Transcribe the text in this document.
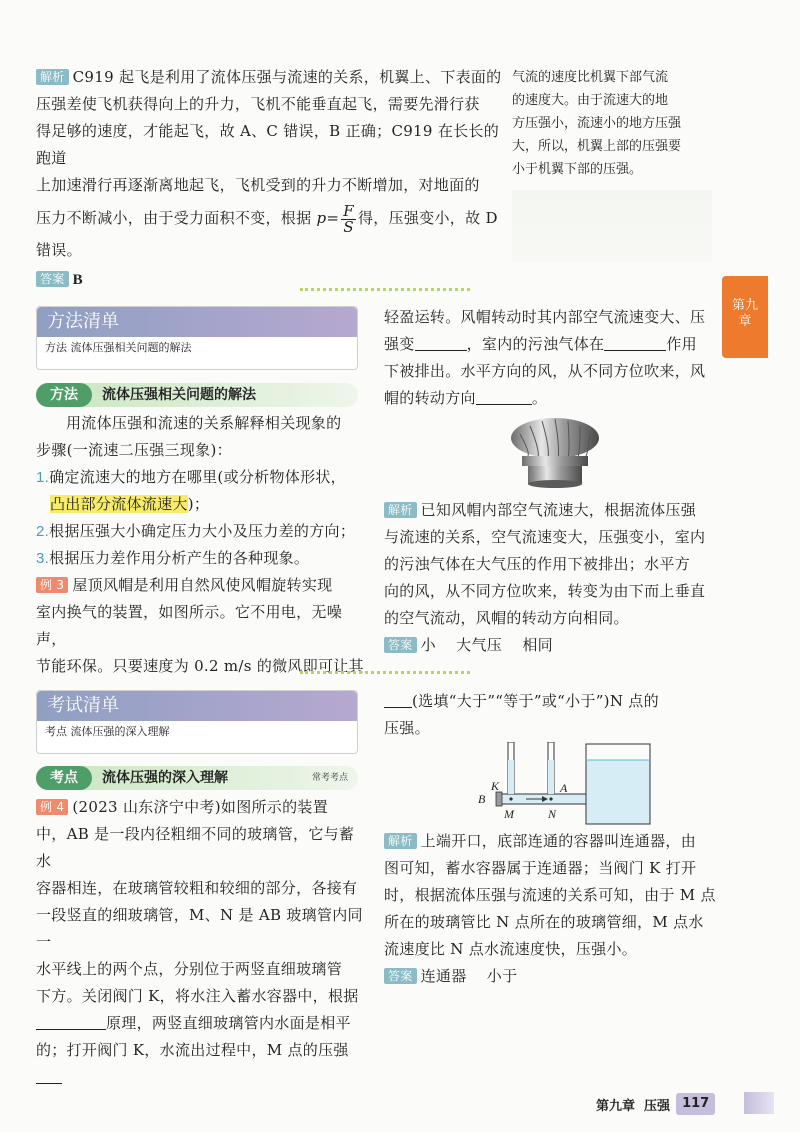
解析 C919 起飞是利用了流体压强与流速的关系，机翼上、下表面的
压强差使飞机获得向上的升力，飞机不能垂直起飞，需要先滑行获
得足够的速度，才能起飞，故 A、C 错误，B 正确；C919 在长长的跑道
上加速滑行再逐渐离地起飞，飞机受到的升力不断增加，对地面的
压力不断减小，由于受力面积不变，根据 $p= \frac{F}{S}$ 得，压强变小，故 D
错误。
答案 B
气流的速度比机翼下部气流
的速度大。由于流速大的地
方压强小，流速小的地方压强
大，所以，机翼上部的压强要
小于机翼下部的压强。
第九
章
方法清单
方法 流体压强相关问题的解法
方法 流体压强相关问题的解法
用流体压强和流速的关系解释相关现象的
步骤(一流速二压强三现象)：
1.确定流速大的地方在哪里(或分析物体形状，
凸出部分流体流速大)；
2.根据压强大小确定压力大小及压力差的方向；
3.根据压力差作用分析产生的各种现象。
例 3 屋顶风帽是利用自然风使风帽旋转实现
室内换气的装置，如图所示。它不用电，无噪声，
节能环保。只要速度为 0.2 m/s 的微风即可让其
轻盈运转。风帽转动时其内部空气流速变大、压
强变	，室内的污浊气体在	作用
下被排出。水平方向的风，从不同方位吹来，风
帽的转动方向	。
解析 已知风帽内部空气流速大，根据流体压强
与流速的关系，空气流速变大，压强变小，室内
的污浊气体在大气压的作用下被排出；水平方
向的风，从不同方位吹来，转变为由下而上垂直
的空气流动，风帽的转动方向相同。
答案 小    大气压    相同
考试清单
考点 流体压强的深入理解
考点 流体压强的深入理解	常考考点
例 4 (2023 山东济宁中考)如图所示的装置
中，AB 是一段内径粗细不同的玻璃管，它与蓄水
容器相连，在玻璃管较粗和较细的部分，各接有
一段竖直的细玻璃管，M、N 是 AB 玻璃管内同一
水平线上的两个点，分别位于两竖直细玻璃管
下方。关闭阀门 K，将水注入蓄水容器中，根据
原理，两竖直细玻璃管内水面是相平
的；打开阀门 K，水流出过程中，M 点的压强
(选填“大于”“等于”或“小于”)N 点的
压强。
B
K	A
M	N
解析 上端开口，底部连通的容器叫连通器，由
图可知，蓄水容器属于连通器；当阀门 K 打开
时，根据流体压强与流速的关系可知，由于 M 点
所在的玻璃管比 N 点所在的玻璃管细，M 点水
流速度比 N 点水流速度快，压强小。
答案 连通器    小于
第九章  压强 117
